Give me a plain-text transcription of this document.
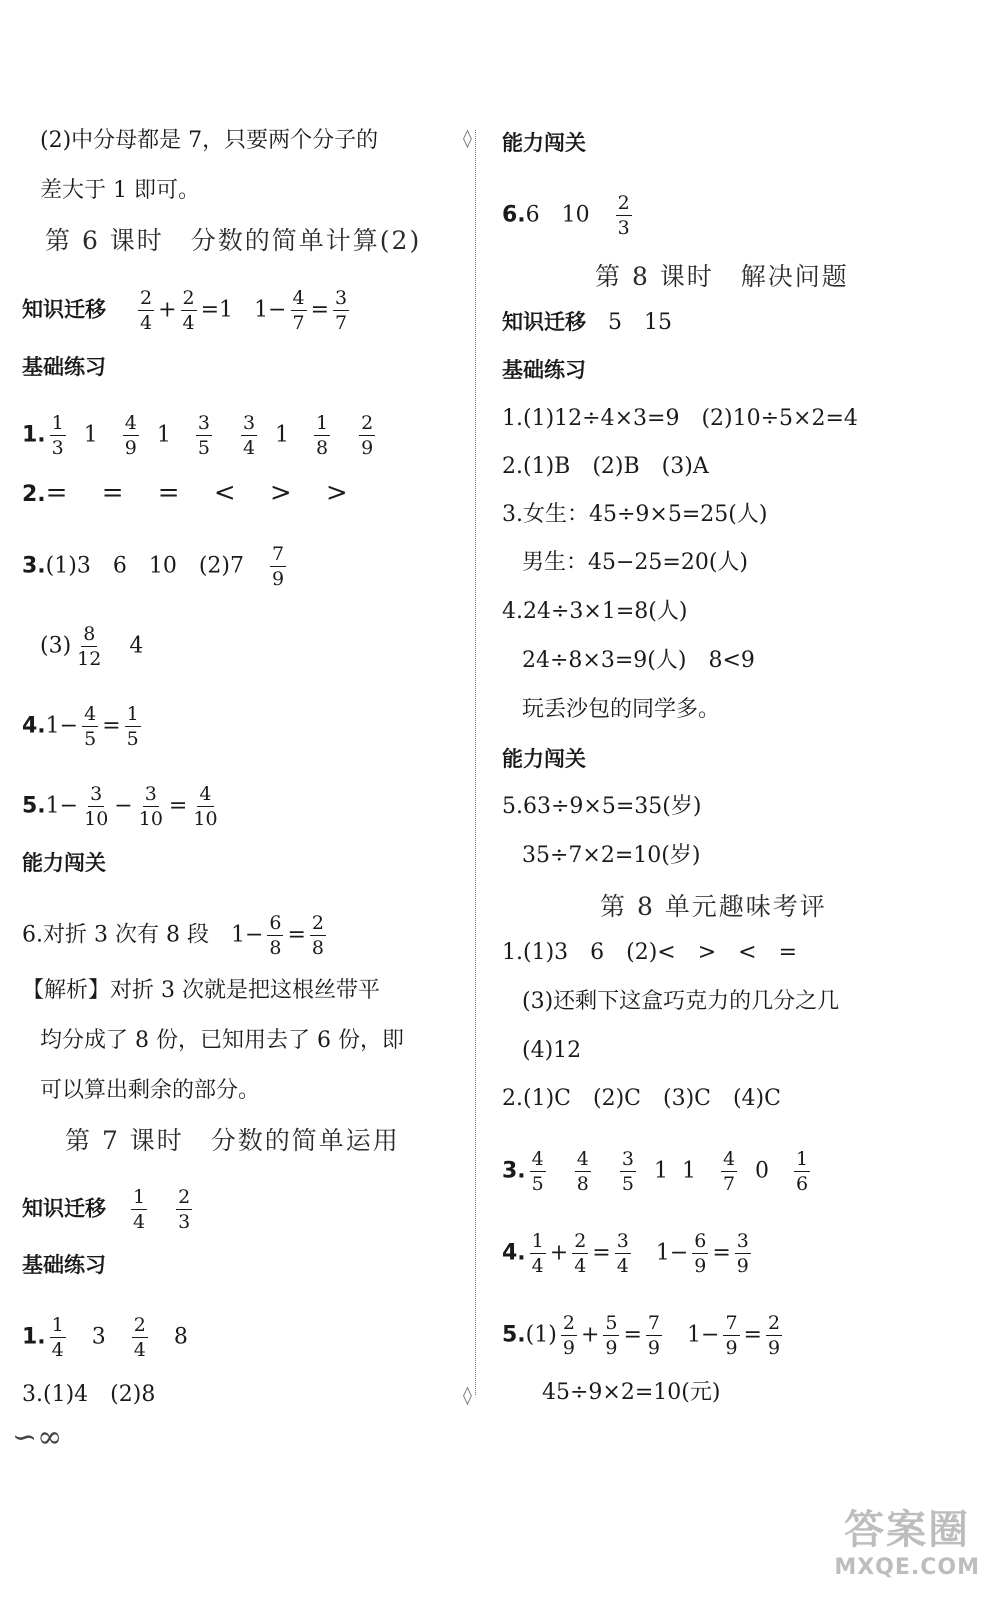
◊
◊
(2)中分母都是 7，只要两个分子的
差大于 1 即可。
第 6 课时　分数的简单计算(2)
知识迁移 $\frac{2}{4} + \frac{2}{4} =1$ $1- \frac{4}{7} = \frac{3}{7}$
基础练习
1. $\frac{1}{3} 1 \frac{4}{9} 1 \frac{3}{5}$
$\frac{3}{4} 1 \frac{1}{8}$
$\frac{2}{9}$
2.=　 =　 =　 <　 >　 >
3.(1)3　6　10　(2)7　 $\frac{7}{9}$
$(3) \frac{8}{12}$ 　4
$4.1- \frac{4}{5} = \frac{1}{5}$
$5.1- \frac{3}{10} - \frac{3}{10} = \frac{4}{10}$
能力闯关
6.对折 3 次有 8 段　$1- \frac{6}{8} = \frac{2}{8}$
【解析】对折 3 次就是把这根丝带平
均分成了 8 份，已知用去了 6 份，即
可以算出剩余的部分。
第 7 课时　分数的简单运用
知识迁移 $\frac{1}{4}$
$\frac{2}{3}$
基础练习
1. $\frac{1}{4}$ 　3　 $\frac{2}{4}$ 　8
3.(1)4　(2)8
能力闯关
6.6　10　 $\frac{2}{3}$
第 8 课时　解决问题
知识迁移　 5　15
基础练习
1.(1)12÷4×3=9　(2)10÷5×2=4
2.(1)B　(2)B　(3)A
3.女生：45÷9×5=25(人)
男生：45−25=20(人)
4.24÷3×1=8(人)
24÷8×3=9(人)　8<9
玩丢沙包的同学多。
能力闯关
5.63÷9×5=35(岁)
35÷7×2=10(岁)
第 8 单元趣味考评
1.(1)3　6　(2)<　>　<　=
(3)还剩下这盒巧克力的几分之几
(4)12
2.(1)C　(2)C　(3)C　(4)C
3. $\frac{4}{5}$
$\frac{4}{8}$
$\frac{3}{5} 1$ $1 \frac{4}{7} 0 \frac{1}{6}$
4. $\frac{1}{4} + \frac{2}{4} = \frac{3}{4} 1- \frac{6}{9} = \frac{3}{9}$
$5.(1) \frac{2}{9} + \frac{5}{9} = \frac{7}{9} 1- \frac{7}{9} = \frac{2}{9}$
45÷9×2=10(元)
∽∞
答案圈
MXQE.COM
